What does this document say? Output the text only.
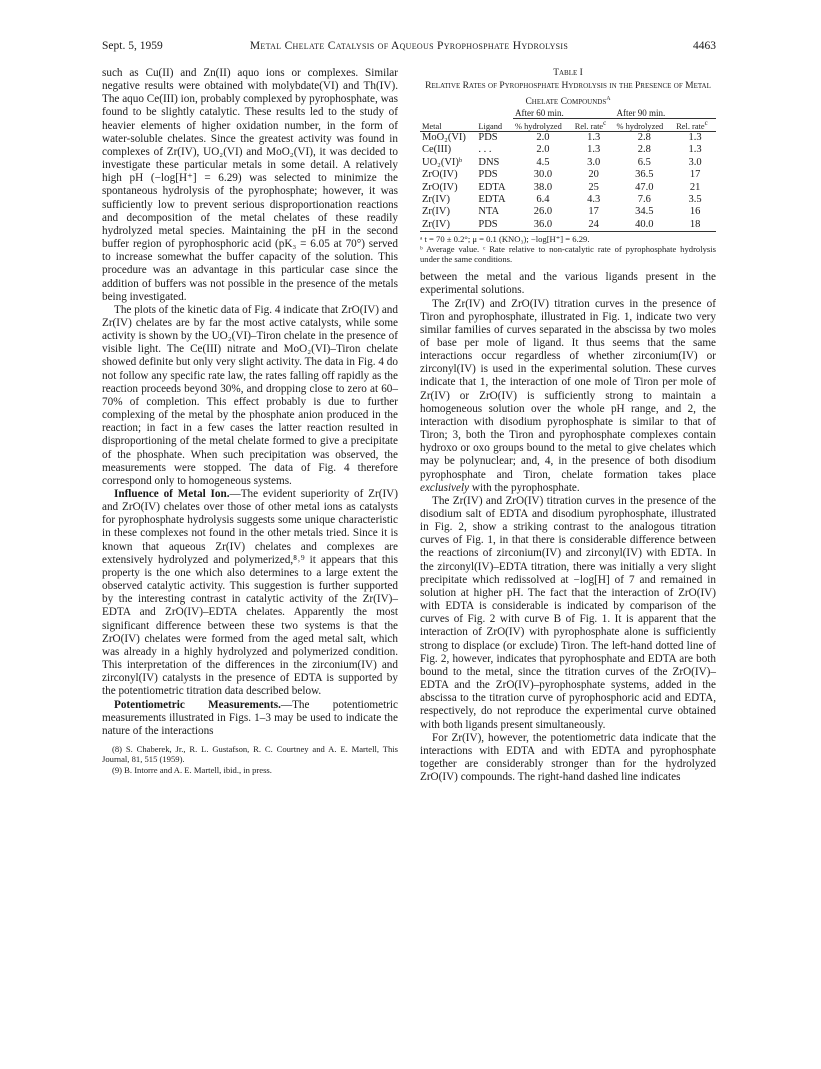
Sept. 5, 1959	Metal Chelate Catalysis of Aqueous Pyrophosphate Hydrolysis	4463

such as Cu(II) and Zn(II) aquo ions or complexes. Similar negative results were obtained with molybdate(VI) and Th(IV). The aquo Ce(III) ion, probably complexed by pyrophosphate, was found to be slightly catalytic. These results led to the study of heavier elements of higher oxidation number, in the form of water-soluble chelates. Since the greatest activity was found in complexes of Zr(IV), UO₂(VI) and MoO₂(VI), it was decided to investigate these particular metals in some detail. A relatively high pH (−log[H⁺] = 6.29) was selected to minimize the spontaneous hydrolysis of the pyrophosphate; however, it was sufficiently low to prevent serious disproportionation reactions and decomposition of the metal chelates of these readily hydrolyzed metal species. Maintaining the pH in the second buffer region of pyrophosphoric acid (pK₃ = 6.05 at 70°) served to increase somewhat the buffer capacity of the solution. This procedure was an advantage in this particular case since the addition of buffers was not possible in the presence of the metals being investigated.

The plots of the kinetic data of Fig. 4 indicate that ZrO(IV) and Zr(IV) chelates are by far the most active catalysts, while some activity is shown by the UO₂(VI)–Tiron chelate in the presence of visible light. The Ce(III) nitrate and MoO₂(VI)–Tiron chelate showed definite but only very slight activity. The data in Fig. 4 do not follow any specific rate law, the rates falling off rapidly as the reaction proceeds beyond 30%, and dropping close to zero at 60–70% of completion. This effect probably is due to further complexing of the metal by the phosphate anion produced in the reaction; in fact in a few cases the latter reaction resulted in disproportioning of the metal chelate formed to give a precipitate of the phosphate. When such precipitation was observed, the measurements were stopped. The data of Fig. 4 therefore correspond only to homogeneous systems.

Influence of Metal Ion.—The evident superiority of Zr(IV) and ZrO(IV) chelates over those of other metal ions as catalysts for pyrophosphate hydrolysis suggests some unique characteristic in these complexes not found in the other metals tried. Since it is known that aqueous Zr(IV) chelates and complexes are extensively hydrolyzed and polymerized,⁸˒⁹ it appears that this property is the one which also determines to a large extent the observed catalytic activity. This suggestion is further supported by the interesting contrast in catalytic activity of the Zr(IV)–EDTA and ZrO(IV)–EDTA chelates. Apparently the most significant difference between these two systems is that the ZrO(IV) chelates were formed from the aged metal salt, which was already in a highly hydrolyzed and polymerized condition. This interpretation of the differences in the zirconium(IV) and zirconyl(IV) catalysts in the presence of EDTA is supported by the potentiometric titration data described below.

Potentiometric Measurements.—The potentiometric measurements illustrated in Figs. 1–3 may be used to indicate the nature of the interactions

(8) S. Chaberek, Jr., R. L. Gustafson, R. C. Courtney and A. E. Martell, This Journal, 81, 515 (1959).

(9) B. Intorre and A. E. Martell, ibid., in press.

Table I
Relative Rates of Pyrophosphate Hydrolysis in the Presence of Metal Chelate Compounds$^a$
		After 60 min.		After 90 min.	
Metal	Ligand	% hydrolyzed	Rel. rate$^c$	% hydrolyzed	Rel. rate$^c$
MoO₂(VI)	PDS	2.0	1.3	2.8	1.3
Ce(III)	. . .	2.0	1.3	2.8	1.3
UO₂(VI)ᵇ	DNS	4.5	3.0	6.5	3.0
ZrO(IV)	PDS	30.0	20	36.5	17
ZrO(IV)	EDTA	38.0	25	47.0	21
Zr(IV)	EDTA	6.4	4.3	7.6	3.5
Zr(IV)	NTA	26.0	17	34.5	16
Zr(IV)	PDS	36.0	24	40.0	18
ᵃ t = 70 ± 0.2°; μ = 0.1 (KNO₃); −log[H⁺] = 6.29.
ᵇ Average value. ᶜ Rate relative to non-catalytic rate of pyrophosphate hydrolysis under the same conditions.

between the metal and the various ligands present in the experimental solutions.

The Zr(IV) and ZrO(IV) titration curves in the presence of Tiron and pyrophosphate, illustrated in Fig. 1, indicate two very similar families of curves separated in the abscissa by two moles of base per mole of ligand. It thus seems that the same interactions occur regardless of whether zirconium(IV) or zirconyl(IV) is used in the experimental solution. These curves indicate that 1, the interaction of one mole of Tiron per mole of Zr(IV) or ZrO(IV) is sufficiently strong to maintain a homogeneous solution over the whole pH range, and 2, the interaction with disodium pyrophosphate is similar to that of Tiron; 3, both the Tiron and pyrophosphate complexes contain hydroxo or oxo groups bound to the metal to give chelates which may be polynuclear; and, 4, in the presence of both disodium pyrophosphate and Tiron, chelate formation takes place exclusively with the pyrophosphate.

The Zr(IV) and ZrO(IV) titration curves in the presence of the disodium salt of EDTA and disodium pyrophosphate, illustrated in Fig. 2, show a striking contrast to the analogous titration curves of Fig. 1, in that there is considerable difference between the reactions of zirconium(IV) and zirconyl(IV) with EDTA. In the zirconyl(IV)–EDTA titration, there was initially a very slight precipitate which redissolved at −log[H] of 7 and remained in solution at higher pH. The fact that the interaction of ZrO(IV) with EDTA is considerable is indicated by comparison of the curves of Fig. 2 with curve B of Fig. 1. It is apparent that the interaction of ZrO(IV) with pyrophosphate alone is sufficiently strong to displace (or exclude) Tiron. The left-hand dotted line of Fig. 2, however, indicates that pyrophosphate and EDTA are both bound to the metal, since the titration curves of the ZrO(IV)–EDTA and the ZrO(IV)–pyrophosphate systems, added in the abscissa to the titration curve of pyrophosphoric acid and EDTA, respectively, do not reproduce the experimental curve obtained with both ligands present simultaneously.

For Zr(IV), however, the potentiometric data indicate that the interactions with EDTA and with EDTA and pyrophosphate together are considerably stronger than for the hydrolyzed ZrO(IV) compounds. The right-hand dashed line indicates
